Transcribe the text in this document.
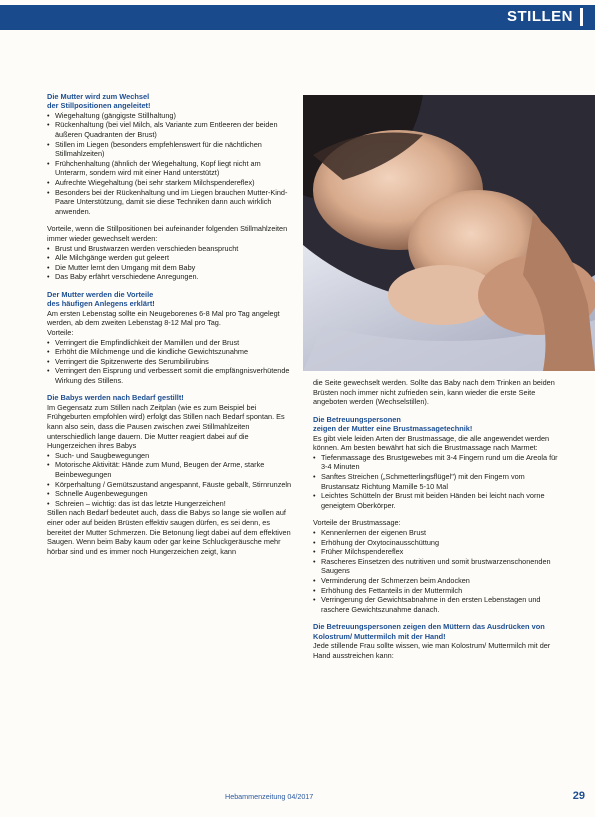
STILLEN
Die Mutter wird zum Wechsel
der Stillpositionen angeleitet!
• Wiegehaltung (gängigste Stillhaltung)
• Rückenhaltung (bei viel Milch, als Variante zum Entleeren der beiden äußeren Quadranten der Brust)
• Stillen im Liegen (besonders empfehlenswert für die nächtlichen Stillmahlzeiten)
• Frühchenhaltung (ähnlich der Wiegehaltung, Kopf liegt nicht am Unterarm, sondern wird mit einer Hand unterstützt)
• Aufrechte Wiegehaltung (bei sehr starkem Milchspendereflex)
• Besonders bei der Rückenhaltung und im Liegen brauchen Mutter-Kind-Paare Unterstützung, damit sie diese Techniken dann auch wirklich anwenden.

Vorteile, wenn die Stillpositionen bei aufeinander folgenden Stillmahlzeiten immer wieder gewechselt werden:

• Brust und Brustwarzen werden verschieden beansprucht
• Alle Milchgänge werden gut geleert
• Die Mutter lernt den Umgang mit dem Baby
• Das Baby erfährt verschiedene Anregungen.
Der Mutter werden die Vorteile
des häufigen Anlegens erklärt!

Am ersten Lebenstag sollte ein Neugeborenes 6-8 Mal pro Tag angelegt werden, ab dem zweiten Lebenstag 8-12 Mal pro Tag.

Vorteile:

• Verringert die Empfindlichkeit der Mamillen und der Brust
• Erhöht die Milchmenge und die kindliche Gewichtszunahme
• Verringert die Spitzenwerte des Serumbilirubins
• Verringert den Eisprung und verbessert somit die empfängnisverhütende Wirkung des Stillens.
Die Babys werden nach Bedarf gestillt!

Im Gegensatz zum Stillen nach Zeitplan (wie es zum Beispiel bei Frühgeburten empfohlen wird) erfolgt das Stillen nach Bedarf spontan. Es kann also sein, dass die Pausen zwischen zwei Stillmahlzeiten unterschiedlich lange dauern. Die Mutter reagiert dabei auf die Hungerzeichen ihres Babys

• Such- und Saugbewegungen
• Motorische Aktivität: Hände zum Mund, Beugen der Arme, starke Beinbewegungen
• Körperhaltung / Gemütszustand angespannt, Fäuste geballt, Stirnrunzeln
• Schnelle Augenbewegungen
• Schreien – wichtig: das ist das letzte Hungerzeichen!

Stillen nach Bedarf bedeutet auch, dass die Babys so lange sie wollen auf einer oder auf beiden Brüsten effektiv saugen dürfen, es sei denn, es bereitet der Mutter Schmerzen. Die Betonung liegt dabei auf dem effektiven Saugen. Wenn beim Baby kaum oder gar keine Schluckgeräusche mehr hörbar sind und es immer noch Hungerzeichen zeigt, kann

die Seite gewechselt werden. Sollte das Baby nach dem Trinken an beiden Brüsten noch immer nicht zufrieden sein, kann wieder die erste Seite angeboten werden (Wechselstillen).

Die Betreuungspersonen
zeigen der Mutter eine Brustmassagetechnik!

Es gibt viele leiden Arten der Brustmassage, die alle angewendet werden können. Am besten bewährt hat sich die Brustmassage nach Marmet:

• Tiefenmassage des Brustgewebes mit 3-4 Fingern rund um die Areola für 3-4 Minuten
• Sanftes Streichen („Schmetterlingsflügel") mit den Fingern vom Brustansatz Richtung Mamille 5-10 Mal
• Leichtes Schütteln der Brust mit beiden Händen bei leicht nach vorne geneigtem Oberkörper.

Vorteile der Brustmassage:

• Kennenlernen der eigenen Brust
• Erhöhung der Oxytocinausschüttung
• Früher Milchspendereflex
• Rascheres Einsetzen des nutritiven und somit brustwarzenschonenden Saugens
• Verminderung der Schmerzen beim Andocken
• Erhöhung des Fettanteils in der Muttermilch
• Verringerung der Gewichtsabnahme in den ersten Lebenstagen und raschere Gewichtszunahme danach.
Die Betreuungspersonen zeigen den Müttern das Ausdrücken von Kolostrum/ Muttermilch mit der Hand!

Jede stillende Frau sollte wissen, wie man Kolostrum/ Muttermilch mit der Hand ausstreichen kann:

Hebammenzeitung 04/2017	29
